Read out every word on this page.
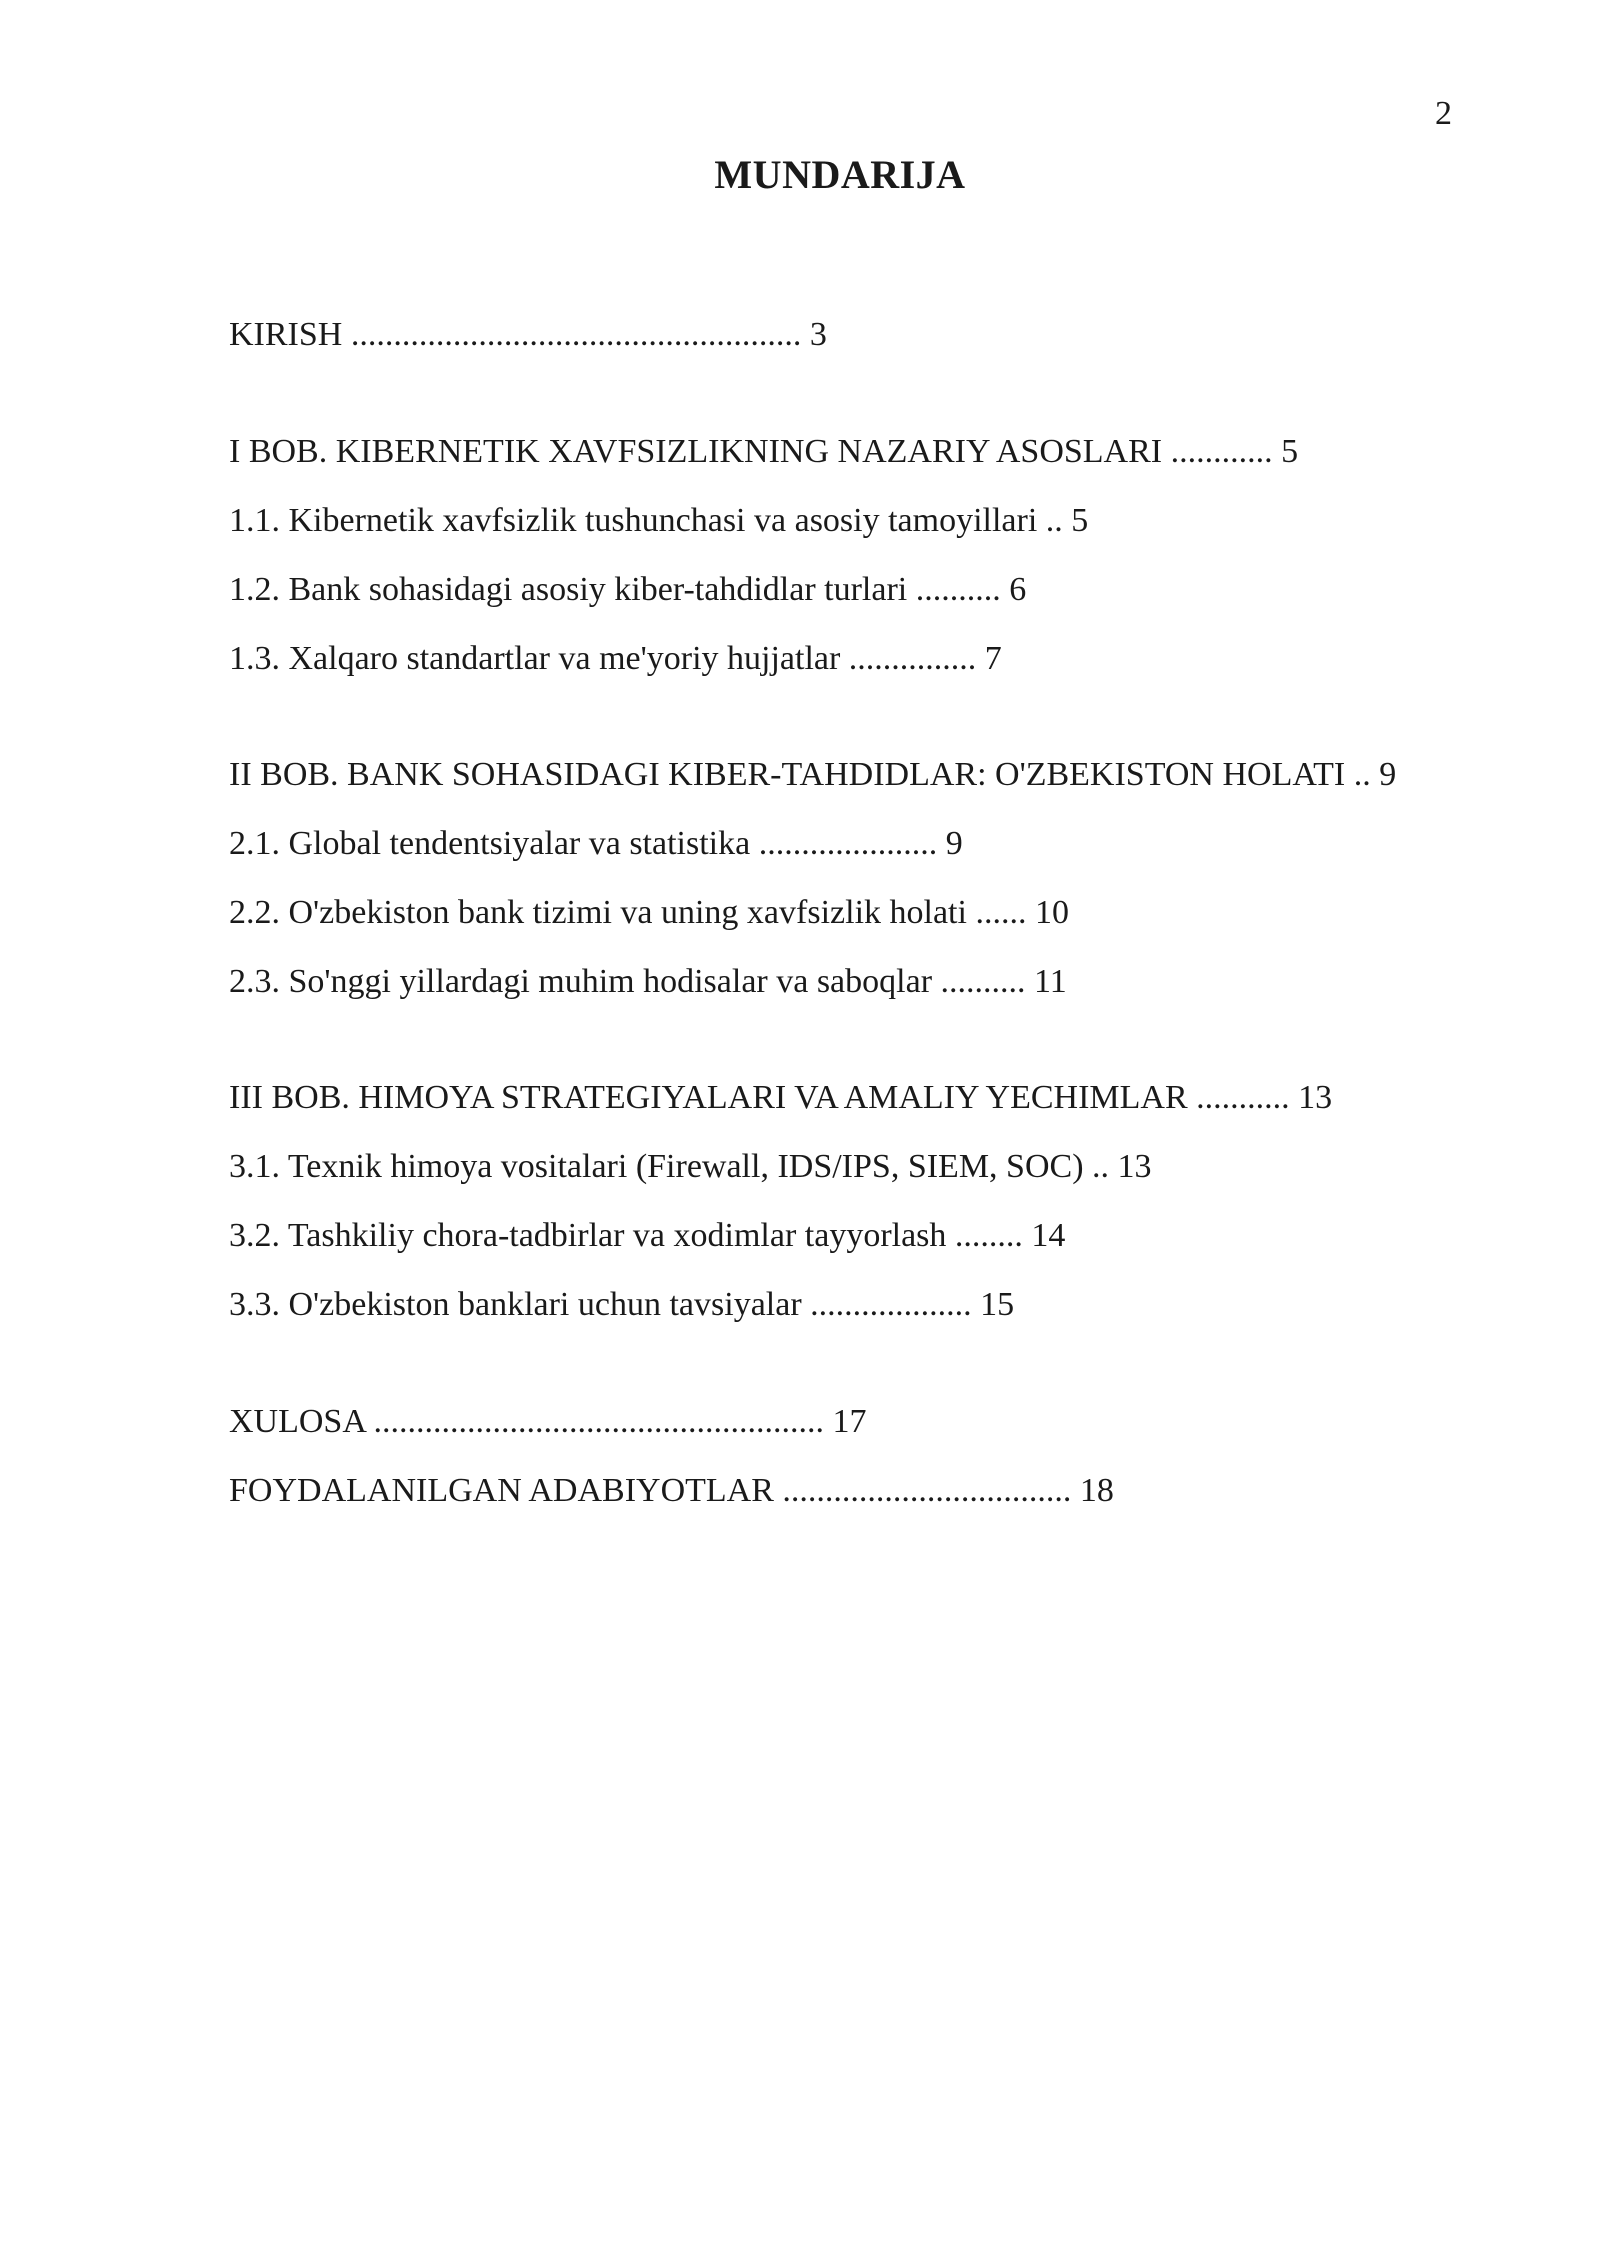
2
MUNDARIJA
KIRISH ..................................................... 3
I BOB. KIBERNETIK XAVFSIZLIKNING NAZARIY ASOSLARI ............ 5
1.1. Kibernetik xavfsizlik tushunchasi va asosiy tamoyillari .. 5
1.2. Bank sohasidagi asosiy kiber-tahdidlar turlari .......... 6
1.3. Xalqaro standartlar va me'yoriy hujjatlar ............... 7
II BOB. BANK SOHASIDAGI KIBER-TAHDIDLAR: O'ZBEKISTON HOLATI .. 9
2.1. Global tendentsiyalar va statistika ..................... 9
2.2. O'zbekiston bank tizimi va uning xavfsizlik holati ...... 10
2.3. So'nggi yillardagi muhim hodisalar va saboqlar .......... 11
III BOB. HIMOYA STRATEGIYALARI VA AMALIY YECHIMLAR ........... 13
3.1. Texnik himoya vositalari (Firewall, IDS/IPS, SIEM, SOC) .. 13
3.2. Tashkiliy chora-tadbirlar va xodimlar tayyorlash ........ 14
3.3. O'zbekiston banklari uchun tavsiyalar ................... 15
XULOSA ..................................................... 17
FOYDALANILGAN ADABIYOTLAR .................................. 18
